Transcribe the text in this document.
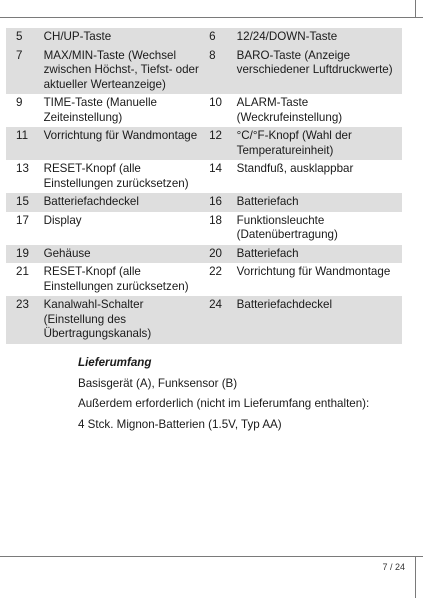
5	CH/UP-Taste	6	12/24/DOWN-Taste
7	MAX/MIN-Taste (Wechsel zwischen Höchst-, Tiefst- oder aktueller Werteanzeige)	8	BARO-Taste (Anzeige verschiedener Luftdruckwerte)
9	TIME-Taste (Manuelle Zeiteinstellung)	10	ALARM-Taste (Weckrufeinstellung)
11	Vorrichtung für Wandmontage	12	°C/°F-Knopf (Wahl der Temperatureinheit)
13	RESET-Knopf (alle Einstellungen zurücksetzen)	14	Standfuß, ausklappbar
15	Batteriefachdeckel	16	Batteriefach
17	Display	18	Funktionsleuchte (Datenübertragung)
19	Gehäuse	20	Batteriefach
21	RESET-Knopf (alle Einstellungen zurücksetzen)	22	Vorrichtung für Wandmontage
23	Kanalwahl-Schalter (Einstellung des Übertragungskanals)	24	Batteriefachdeckel
Lieferumfang
Basisgerät (A), Funksensor (B)
Außerdem erforderlich (nicht im Lieferumfang enthalten):
4 Stck. Mignon-Batterien (1.5V, Typ AA)
7 / 24
